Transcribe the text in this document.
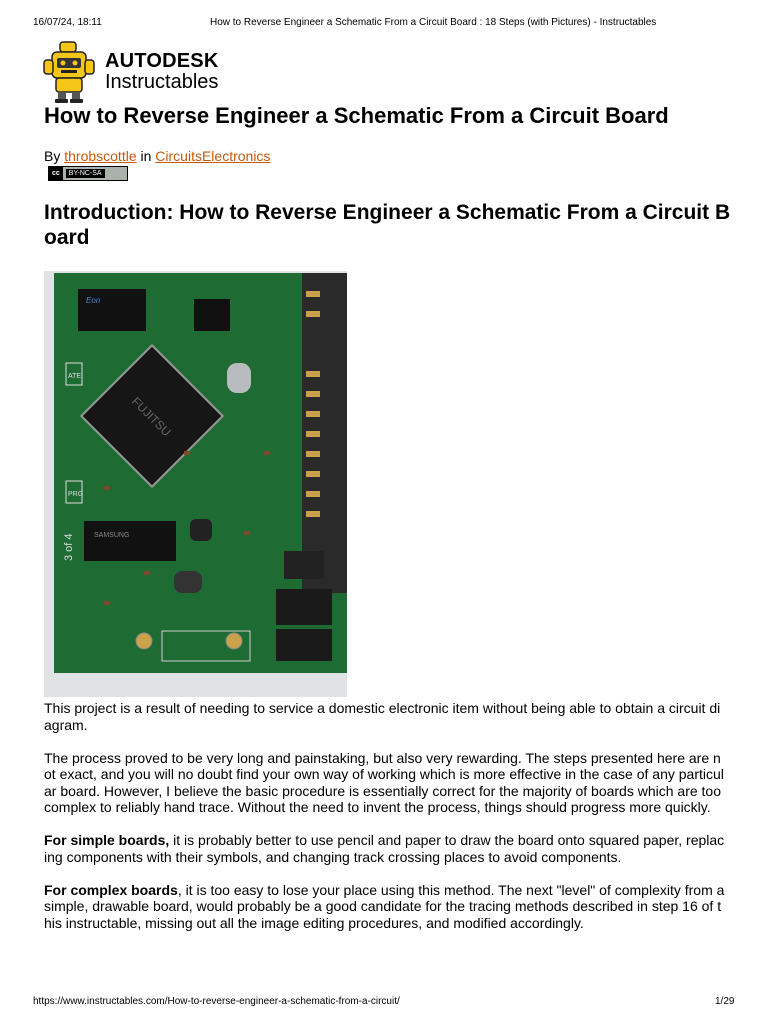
16/07/24, 18:11	How to Reverse Engineer a Schematic From a Circuit Board : 18 Steps (with Pictures) - Instructables
AUTODESK
Instructables
How to Reverse Engineer a Schematic From a Circuit Board
By throbscottle in CircuitsElectronics
cc	BY-NC-SA
Introduction: How to Reverse Engineer a Schematic From a Circuit Board
Eon
FUJITSU
SAMSUNG
ATE
PRG
3 of 4

This project is a result of needing to service a domestic electronic item without being able to obtain a circuit diagram.

The process proved to be very long and painstaking, but also very rewarding. The steps presented here are not exact, and you will no doubt find your own way of working which is more effective in the case of any particular board. However, I believe the basic procedure is essentially correct for the majority of boards which are too complex to reliably hand trace. Without the need to invent the process, things should progress more quickly.

For simple boards, it is probably better to use pencil and paper to draw the board onto squared paper, replacing components with their symbols, and changing track crossing places to avoid components.

For complex boards, it is too easy to lose your place using this method. The next "level" of complexity from a simple, drawable board, would probably be a good candidate for the tracing methods described in step 16 of this instructable, missing out all the image editing procedures, and modified accordingly.

https://www.instructables.com/How-to-reverse-engineer-a-schematic-from-a-circuit/	1/29
